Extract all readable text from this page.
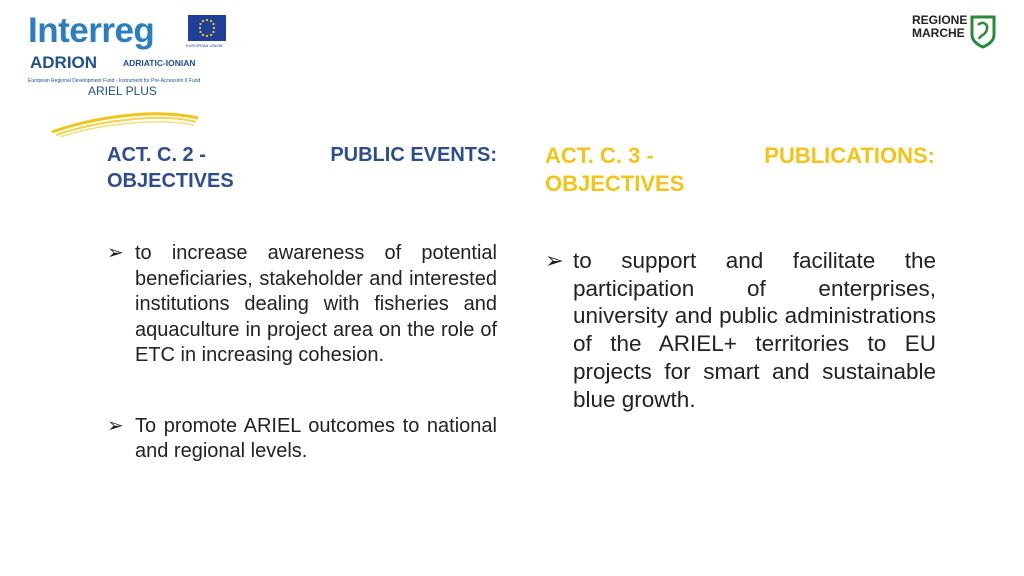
Interreg	EUROPEAN UNION
ADRION	ADRIATIC-IONIAN
European Regional Development Fund - Instrument for Pre-Accession II Fund
ARIEL PLUS
REGIONE
MARCHE
ACT. C. 2 -	PUBLIC EVENTS:
OBJECTIVES
➢ to increase awareness of potential beneficiaries, stakeholder and interested institutions dealing with fisheries and aquaculture in project area on the role of ETC in increasing cohesion.
➢ To promote ARIEL outcomes to national and regional levels.
ACT. C. 3 -	PUBLICATIONS:
OBJECTIVES
➢ to support and facilitate the participation of enterprises, university and public administrations of the ARIEL+ territories to EU projects for smart and sustainable blue growth.
